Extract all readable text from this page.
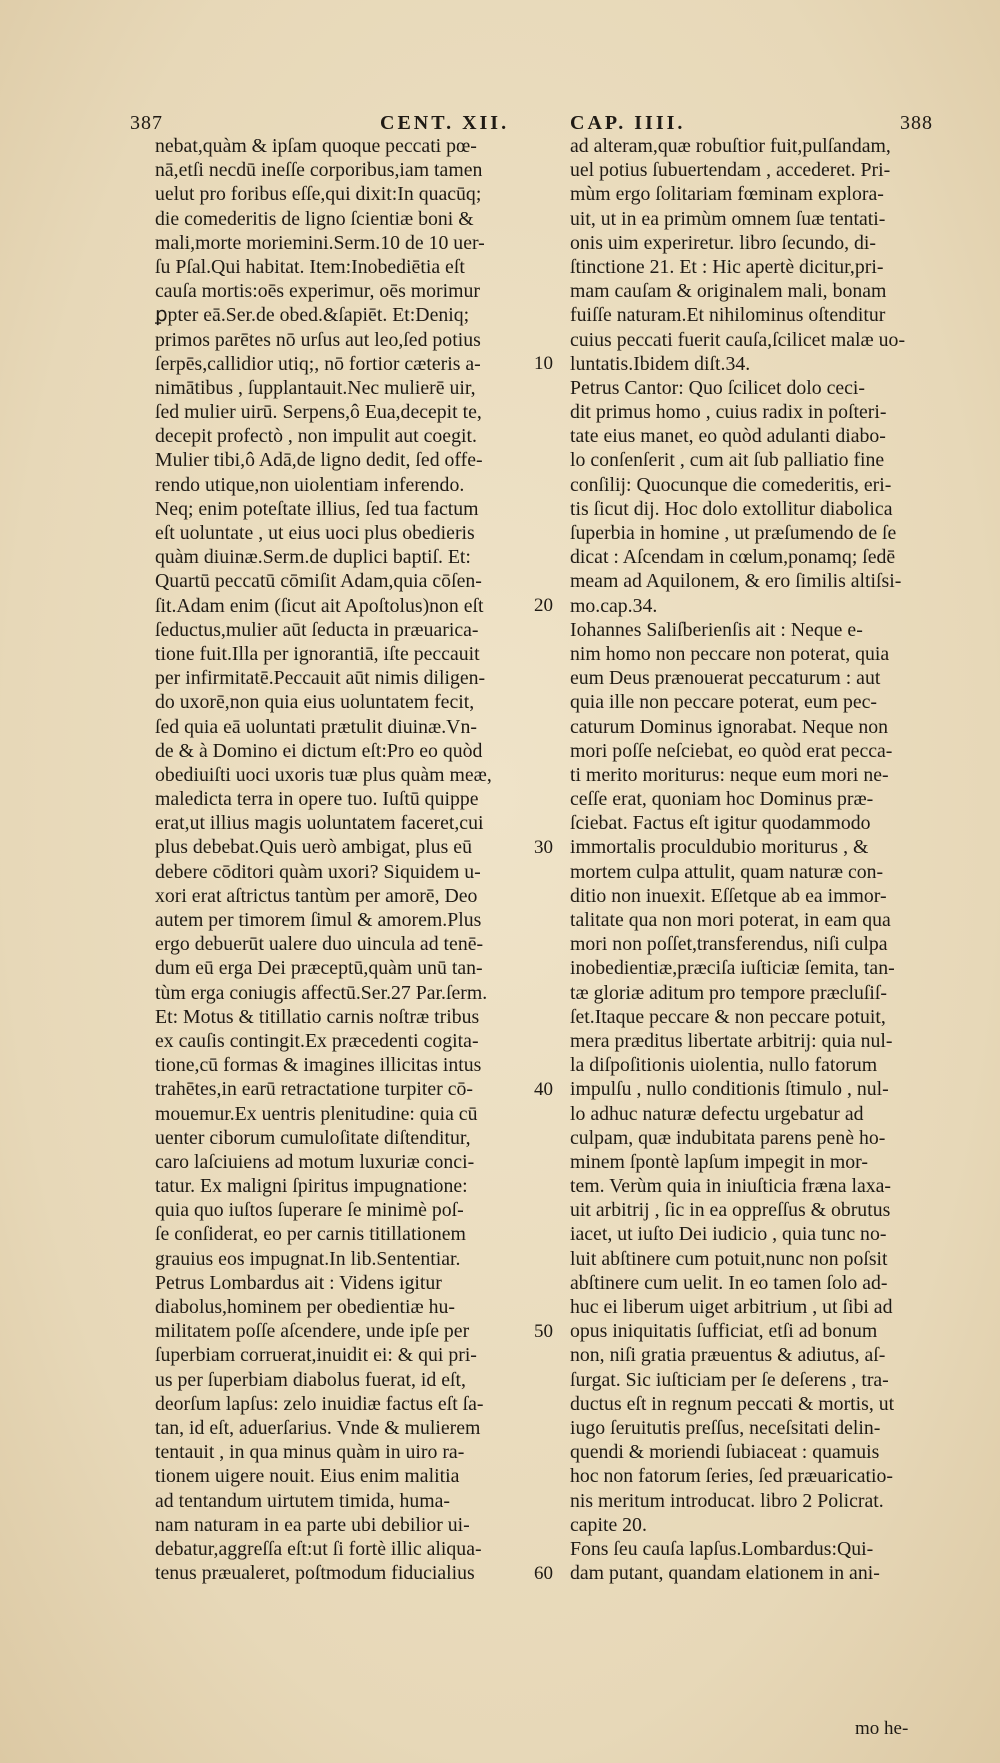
387	CENT. XII.	CAP. IIII.	388
nebat,quàm & ipſam quoque peccati pœ-
nā,etſi necdū ineſſe corporibus,iam tamen
uelut pro foribus eſſe,qui dixit:In quacūq;
die comederitis de ligno ſcientiæ boni &
mali,morte moriemini.Serm.10 de 10 uer-
ſu Pſal.Qui habitat. Item:Inobediētia eſt
cauſa mortis:oēs experimur, oēs morimur
ꝑpter eā.Ser.de obed.&ſapiēt. Et:Deniq;
primos parētes nō urſus aut leo,ſed potius
ſerpēs,callidior utiq;, nō fortior cæteris a-
nimātibus , ſupplantauit.Nec mulierē uir,
ſed mulier uirū. Serpens,ô Eua,decepit te,
decepit profectò , non impulit aut coegit.
Mulier tibi,ô Adā,de ligno dedit, ſed offe-
rendo utique,non uiolentiam inferendo.
Neq; enim poteſtate illius, ſed tua factum
eſt uoluntate , ut eius uoci plus obedieris
quàm diuinæ.Serm.de duplici baptiſ. Et:
Quartū peccatū cōmiſit Adam,quia cōſen-
ſit.Adam enim (ſicut ait Apoſtolus)non eſt
ſeductus,mulier aūt ſeducta in præuarica-
tione fuit.Illa per ignorantiā, iſte peccauit
per infirmitatē.Peccauit aūt nimis diligen-
do uxorē,non quia eius uoluntatem fecit,
ſed quia eā uoluntati prætulit diuinæ.Vn-
de & à Domino ei dictum eſt:Pro eo quòd
obediuiſti uoci uxoris tuæ plus quàm meæ,
maledicta terra in opere tuo. Iuſtū quippe
erat,ut illius magis uoluntatem faceret,cui
plus debebat.Quis uerò ambigat, plus eū
debere cōditori quàm uxori? Siquidem u-
xori erat aſtrictus tantùm per amorē, Deo
autem per timorem ſimul & amorem.Plus
ergo debuerūt ualere duo uincula ad tenē-
dum eū erga Dei præceptū,quàm unū tan-
tùm erga coniugis affectū.Ser.27 Par.ſerm.
Et: Motus & titillatio carnis noſtræ tribus
ex cauſis contingit.Ex præcedenti cogita-
tione,cū formas & imagines illicitas intus
trahētes,in earū retractatione turpiter cō-
mouemur.Ex uentris plenitudine: quia cū
uenter ciborum cumuloſitate diſtenditur,
caro laſciuiens ad motum luxuriæ conci-
tatur. Ex maligni ſpiritus impugnatione:
quia quo iuſtos ſuperare ſe minimè poſ-
ſe conſiderat, eo per carnis titillationem
grauius eos impugnat.In lib.Sententiar.
Petrus Lombardus ait : Videns igitur
diabolus,hominem per obedientiæ hu-
militatem poſſe aſcendere, unde ipſe per
ſuperbiam corruerat,inuidit ei: & qui pri-
us per ſuperbiam diabolus fuerat, id eſt,
deorſum lapſus: zelo inuidiæ factus eſt ſa-
tan, id eſt, aduerſarius. Vnde & mulierem
tentauit , in qua minus quàm in uiro ra-
tionem uigere nouit. Eius enim malitia
ad tentandum uirtutem timida, huma-
nam naturam in ea parte ubi debilior ui-
debatur,aggreſſa eſt:ut ſi fortè illic aliqua-
tenus præualeret, poſtmodum fiducialius
10
20
30
40
50
60
ad alteram,quæ robuſtior fuit,pulſandam,
uel potius ſubuertendam , accederet. Pri-
mùm ergo ſolitariam fœminam explora-
uit, ut in ea primùm omnem ſuæ tentati-
onis uim experiretur. libro ſecundo, di-
ſtinctione 21. Et : Hic apertè dicitur,pri-
mam cauſam & originalem mali, bonam
fuiſſe naturam.Et nihilominus oſtenditur
cuius peccati fuerit cauſa,ſcilicet malæ uo-
luntatis.Ibidem diſt.34.
Petrus Cantor: Quo ſcilicet dolo ceci-
dit primus homo , cuius radix in poſteri-
tate eius manet, eo quòd adulanti diabo-
lo conſenſerit , cum ait ſub palliatio fine
conſilij: Quocunque die comederitis, eri-
tis ſicut dij. Hoc dolo extollitur diabolica
ſuperbia in homine , ut præſumendo de ſe
dicat : Aſcendam in cœlum,ponamq; ſedē
meam ad Aquilonem, & ero ſimilis altiſsi-
mo.cap.34.
Iohannes Saliſberienſis ait : Neque e-
nim homo non peccare non poterat, quia
eum Deus prænouerat peccaturum : aut
quia ille non peccare poterat, eum pec-
caturum Dominus ignorabat. Neque non
mori poſſe neſciebat, eo quòd erat pecca-
ti merito moriturus: neque eum mori ne-
ceſſe erat, quoniam hoc Dominus præ-
ſciebat. Factus eſt igitur quodammodo
immortalis proculdubio moriturus , &
mortem culpa attulit, quam naturæ con-
ditio non inuexit. Eſſetque ab ea immor-
talitate qua non mori poterat, in eam qua
mori non poſſet,transferendus, niſi culpa
inobedientiæ,præciſa iuſticiæ ſemita, tan-
tæ gloriæ aditum pro tempore præcluſiſ-
ſet.Itaque peccare & non peccare potuit,
mera præditus libertate arbitrij: quia nul-
la diſpoſitionis uiolentia, nullo fatorum
impulſu , nullo conditionis ſtimulo , nul-
lo adhuc naturæ defectu urgebatur ad
culpam, quæ indubitata parens penè ho-
minem ſpontè lapſum impegit in mor-
tem. Verùm quia in iniuſticia fræna laxa-
uit arbitrij , ſic in ea oppreſſus & obrutus
iacet, ut iuſto Dei iudicio , quia tunc no-
luit abſtinere cum potuit,nunc non poſsit
abſtinere cum uelit. In eo tamen ſolo ad-
huc ei liberum uiget arbitrium , ut ſibi ad
opus iniquitatis ſufficiat, etſi ad bonum
non, niſi gratia præuentus & adiutus, aſ-
ſurgat. Sic iuſticiam per ſe deſerens , tra-
ductus eſt in regnum peccati & mortis, ut
iugo ſeruitutis preſſus, neceſsitati delin-
quendi & moriendi ſubiaceat : quamuis
hoc non fatorum ſeries, ſed præuaricatio-
nis meritum introducat. libro 2 Policrat.
capite 20.
Fons ſeu cauſa lapſus.Lombardus:Qui-
dam putant, quandam elationem in ani-
mo he-
